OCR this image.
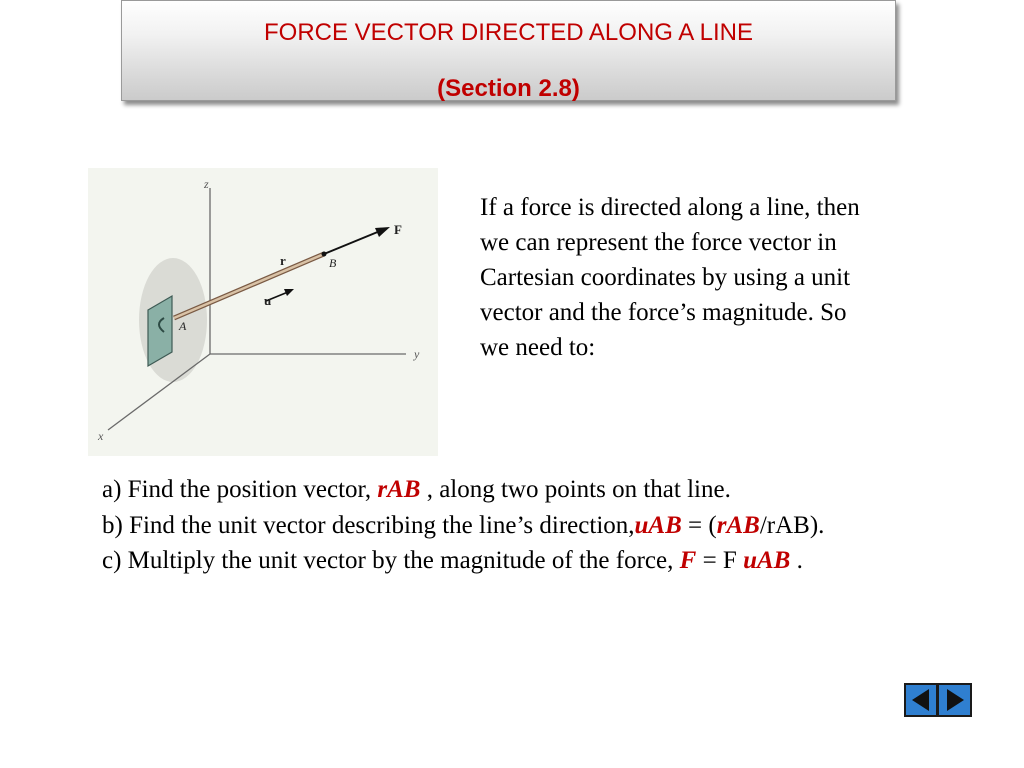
FORCE VECTOR DIRECTED ALONG A LINE
(Section 2.8)
z
y
x
r
u
F
B
A
If a force is directed along a line, then
we can represent the force vector in
Cartesian coordinates by using a unit
vector and the force’s magnitude. So
we need to:
a) Find the position vector, rAB , along two points on that line.
b) Find the unit vector describing the line’s direction,uAB = (rAB/rAB).
c) Multiply the unit vector by the magnitude of the force, F = F uAB .
